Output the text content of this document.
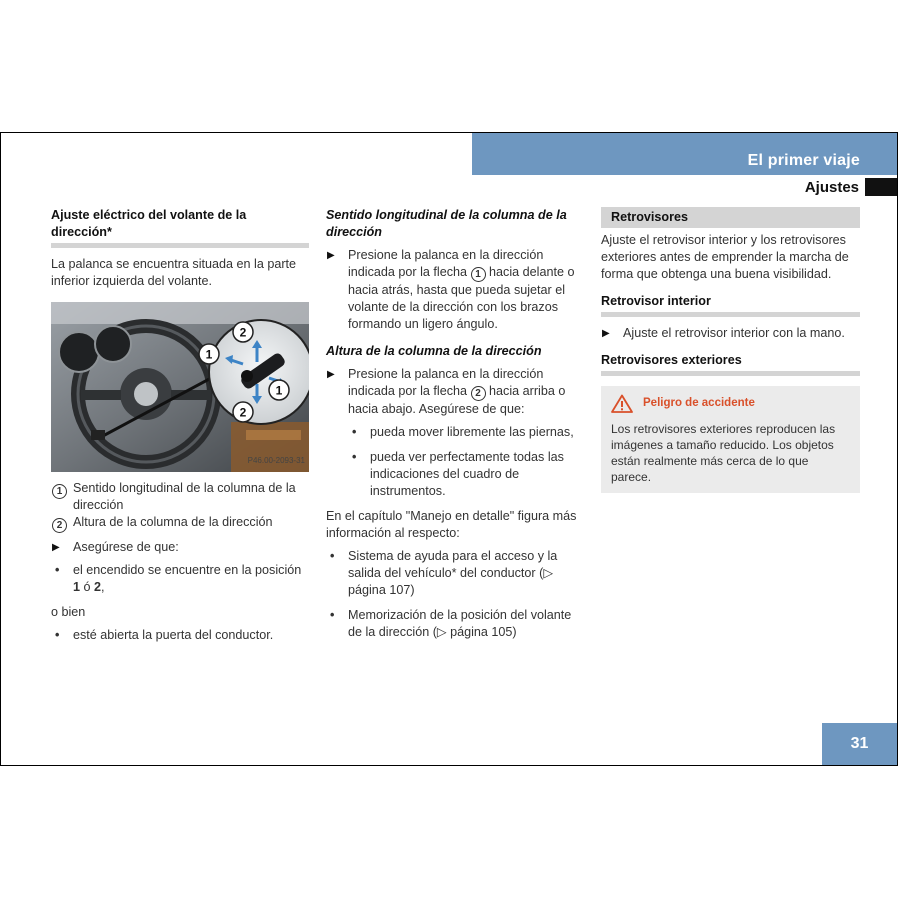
El primer viaje
Ajustes
Ajuste eléctrico del volante de la dirección*

La palanca se encuentra situada en la parte inferior izquierda del volante.

2
1
1
2
P46.00-2093-31
1 Sentido longitudinal de la columna de la dirección
2 Altura de la columna de la dirección
▶ Asegúrese de que:
• el encendido se encuentre en la posición 1 ó 2,

o bien

• esté abierta la puerta del conductor.
Sentido longitudinal de la columna de la dirección
▶ Presione la palanca en la dirección indicada por la flecha 1 hacia delante o hacia atrás, hasta que pueda sujetar el volante de la dirección con los brazos formando un ligero ángulo.
Altura de la columna de la dirección
▶ Presione la palanca en la dirección indicada por la flecha 2 hacia arriba o hacia abajo. Asegúrese de que:
• pueda mover libremente las piernas,
• pueda ver perfectamente todas las indicaciones del cuadro de instrumentos.

En el capítulo "Manejo en detalle" figura más información al respecto:

• Sistema de ayuda para el acceso y la salida del vehículo* del conductor (▷ página 107)
• Memorización de la posición del volante de la dirección (▷ página 105)
Retrovisores

Ajuste el retrovisor interior y los retrovisores exteriores antes de emprender la marcha de forma que obtenga una buena visibilidad.

Retrovisor interior
▶ Ajuste el retrovisor interior con la mano.
Retrovisores exteriores
Peligro de accidente
Los retrovisores exteriores reproducen las imágenes a tamaño reducido. Los objetos están realmente más cerca de lo que parece.
31
